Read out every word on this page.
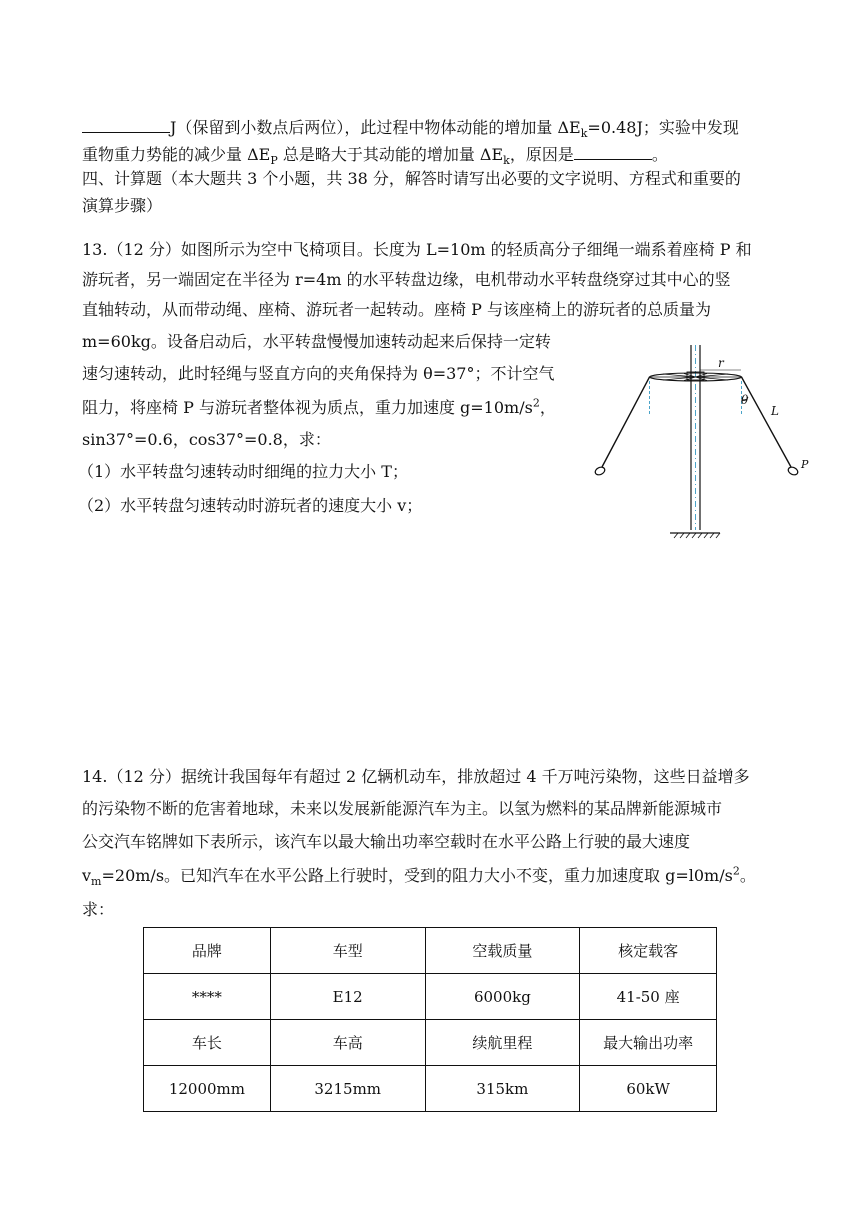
J（保留到小数点后两位），此过程中物体动能的增加量 $\Delta E_k=0.48J$；实验中发现
重物重力势能的减少量 $\Delta E_P$ 总是略大于其动能的增加量 $\Delta E_k$，原因是	。
四、计算题（本大题共 3 个小题，共 38 分，解答时请写出必要的文字说明、方程式和重要的
演算步骤）
13.（12 分）如图所示为空中飞椅项目。长度为 L=10m 的轻质高分子细绳一端系着座椅 P 和
游玩者，另一端固定在半径为 r=4m 的水平转盘边缘，电机带动水平转盘绕穿过其中心的竖
直轴转动，从而带动绳、座椅、游玩者一起转动。座椅 P 与该座椅上的游玩者的总质量为
m=60kg。设备启动后，水平转盘慢慢加速转动起来后保持一定转
速匀速转动，此时轻绳与竖直方向的夹角保持为 θ=37°；不计空气
阻力，将座椅 P 与游玩者整体视为质点，重力加速度 $g=10m/s^2$，
sin37°=0.6，cos37°=0.8，求：
（1）水平转盘匀速转动时细绳的拉力大小 T；
（2）水平转盘匀速转动时游玩者的速度大小 v；
r
θ
L
P
14.（12 分）据统计我国每年有超过 2 亿辆机动车，排放超过 4 千万吨污染物，这些日益增多
的污染物不断的危害着地球，未来以发展新能源汽车为主。以氢为燃料的某品牌新能源城市
公交汽车铭牌如下表所示，该汽车以最大输出功率空载时在水平公路上行驶的最大速度
$v_m=20m/s$。已知汽车在水平公路上行驶时，受到的阻力大小不变，重力加速度取 $g=l0m/s^2$。
求：
品牌	车型	空载质量	核定载客
****	E12	6000kg	41-50 座
车长	车高	续航里程	最大输出功率
12000mm	3215mm	315km	60kW
